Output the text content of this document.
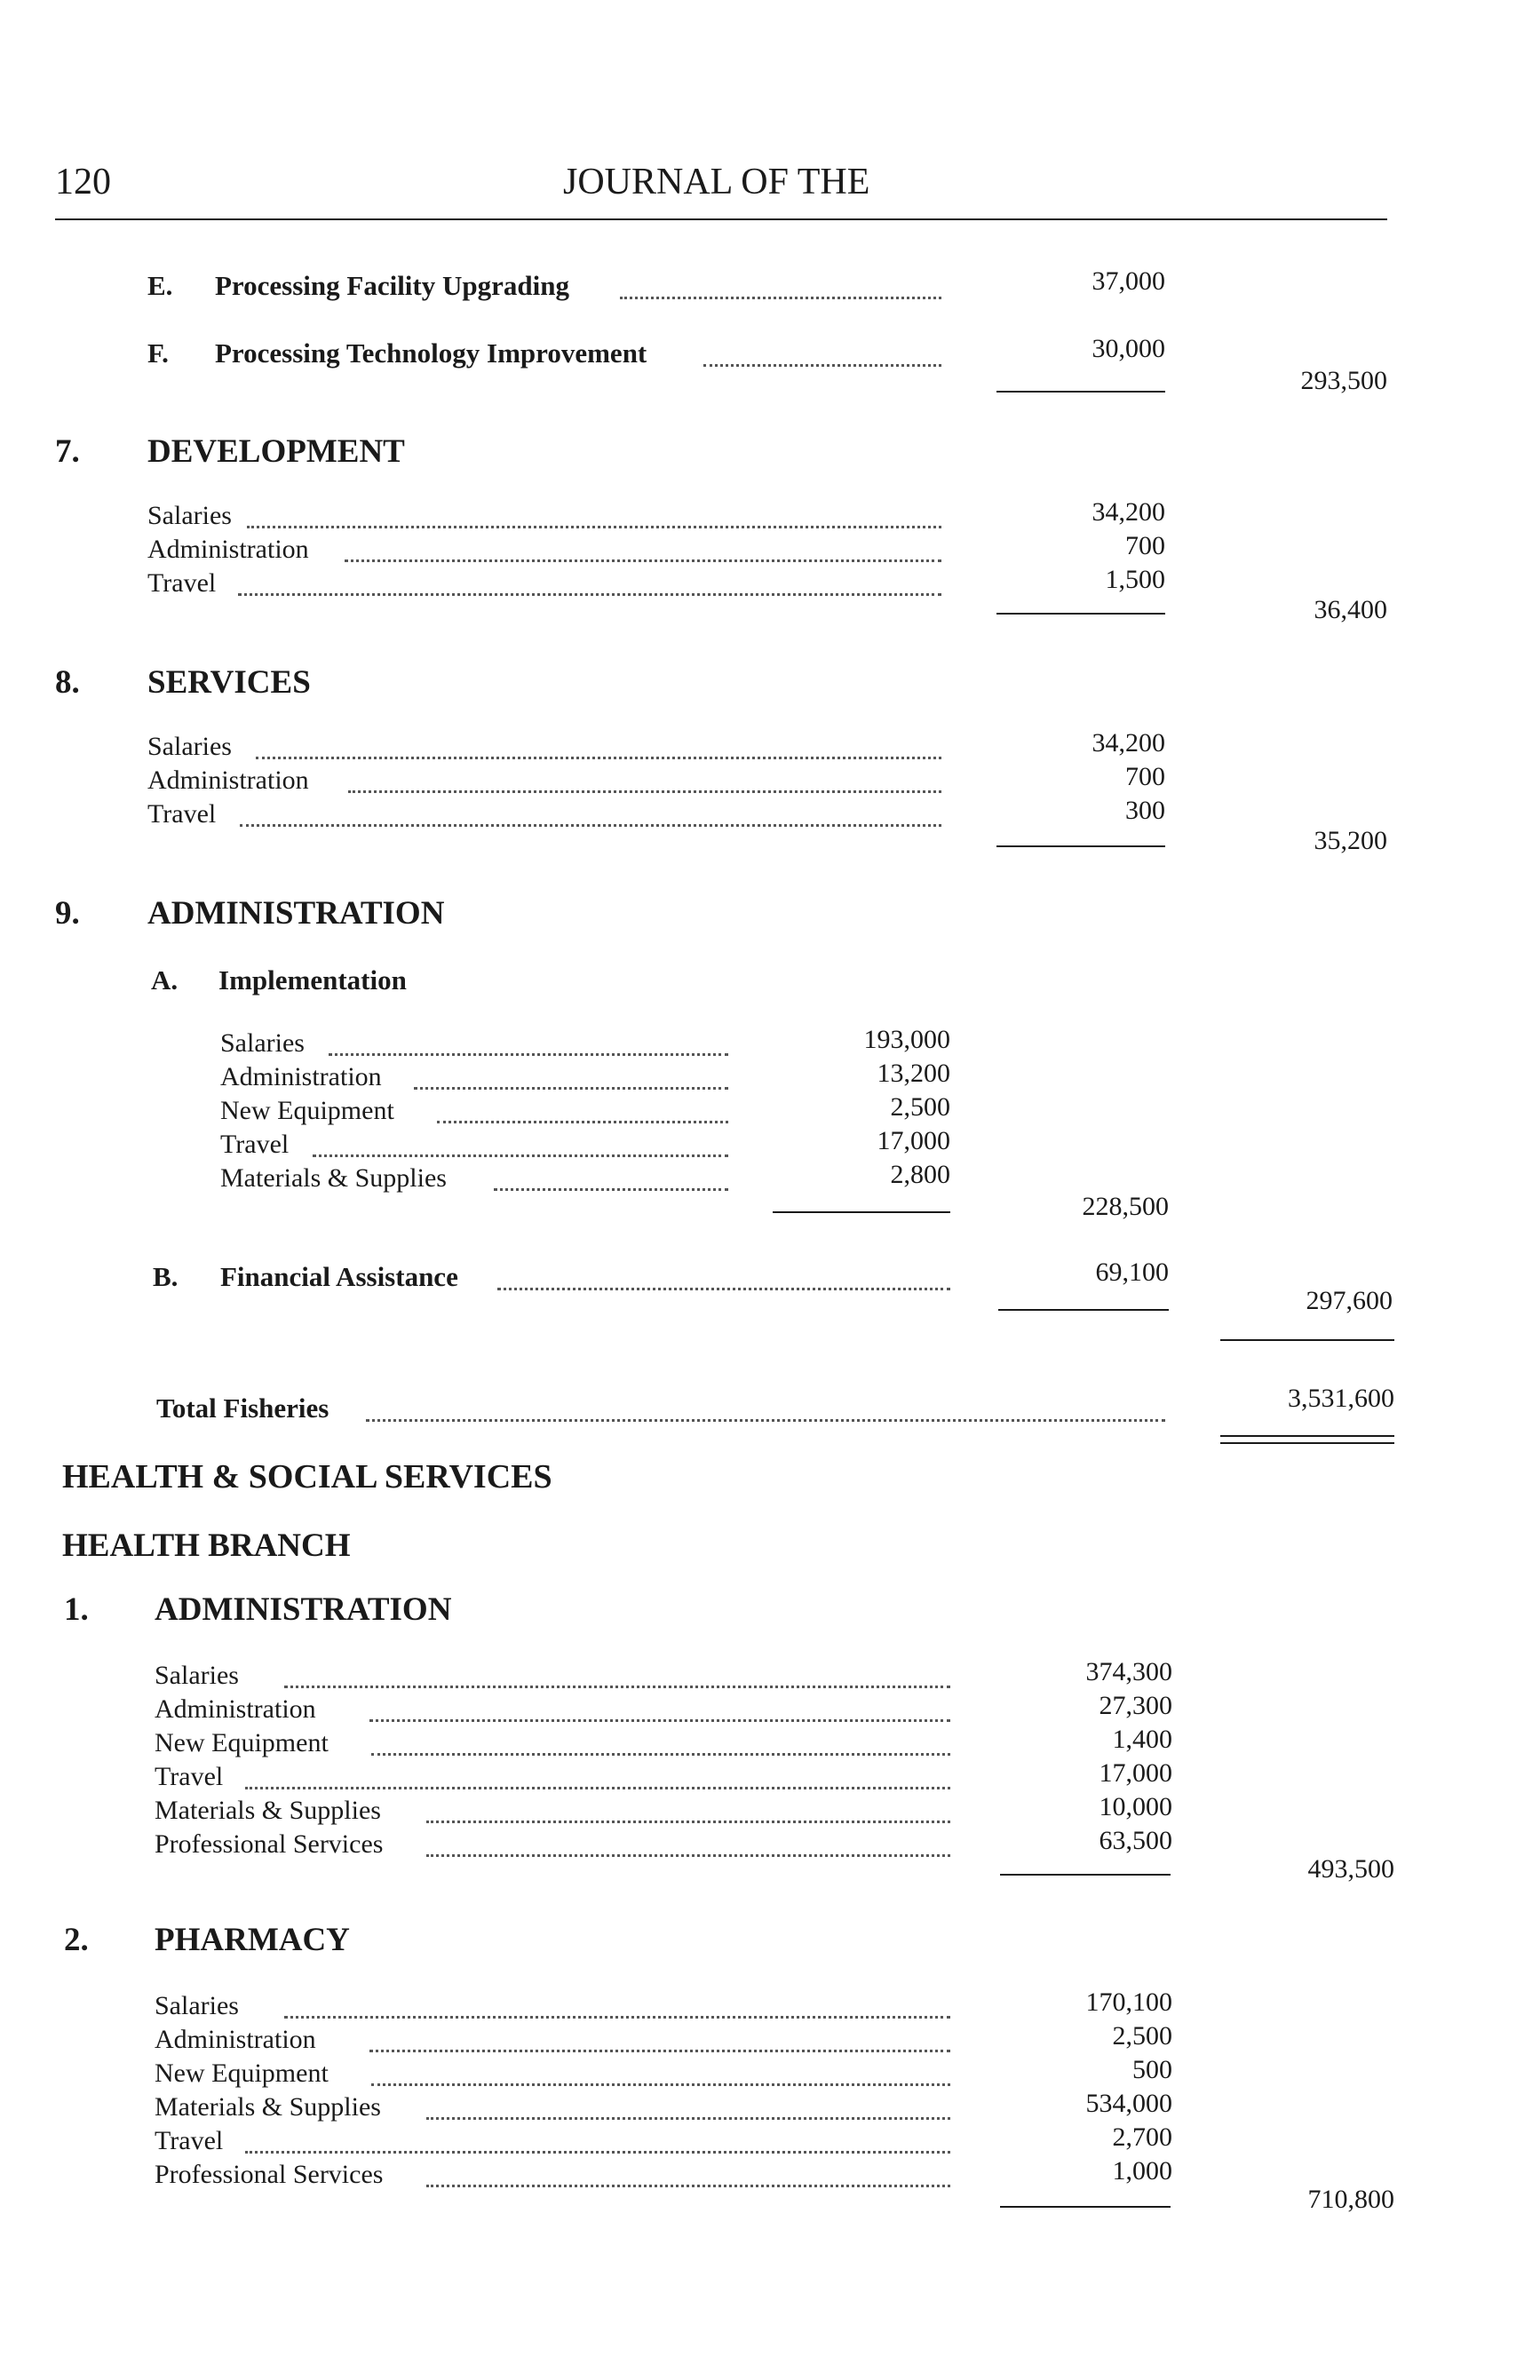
120	JOURNAL OF THE
E. Processing Facility Upgrading	37,000
F. Processing Technology Improvement	30,000
293,500
7. DEVELOPMENT
Salaries	34,200
Administration	700
Travel	1,500
36,400
8. SERVICES
Salaries	34,200
Administration	700
Travel	300
35,200
9. ADMINISTRATION
A. Implementation
Salaries	193,000
Administration	13,200
New Equipment	2,500
Travel	17,000
Materials & Supplies	2,800
228,500
B. Financial Assistance	69,100
297,600
Total Fisheries	3,531,600
HEALTH & SOCIAL SERVICES
HEALTH BRANCH
1. ADMINISTRATION
Salaries	374,300
Administration	27,300
New Equipment	1,400
Travel	17,000
Materials & Supplies	10,000
Professional Services	63,500
493,500
2. PHARMACY
Salaries	170,100
Administration	2,500
New Equipment	500
Materials & Supplies	534,000
Travel	2,700
Professional Services	1,000
710,800
